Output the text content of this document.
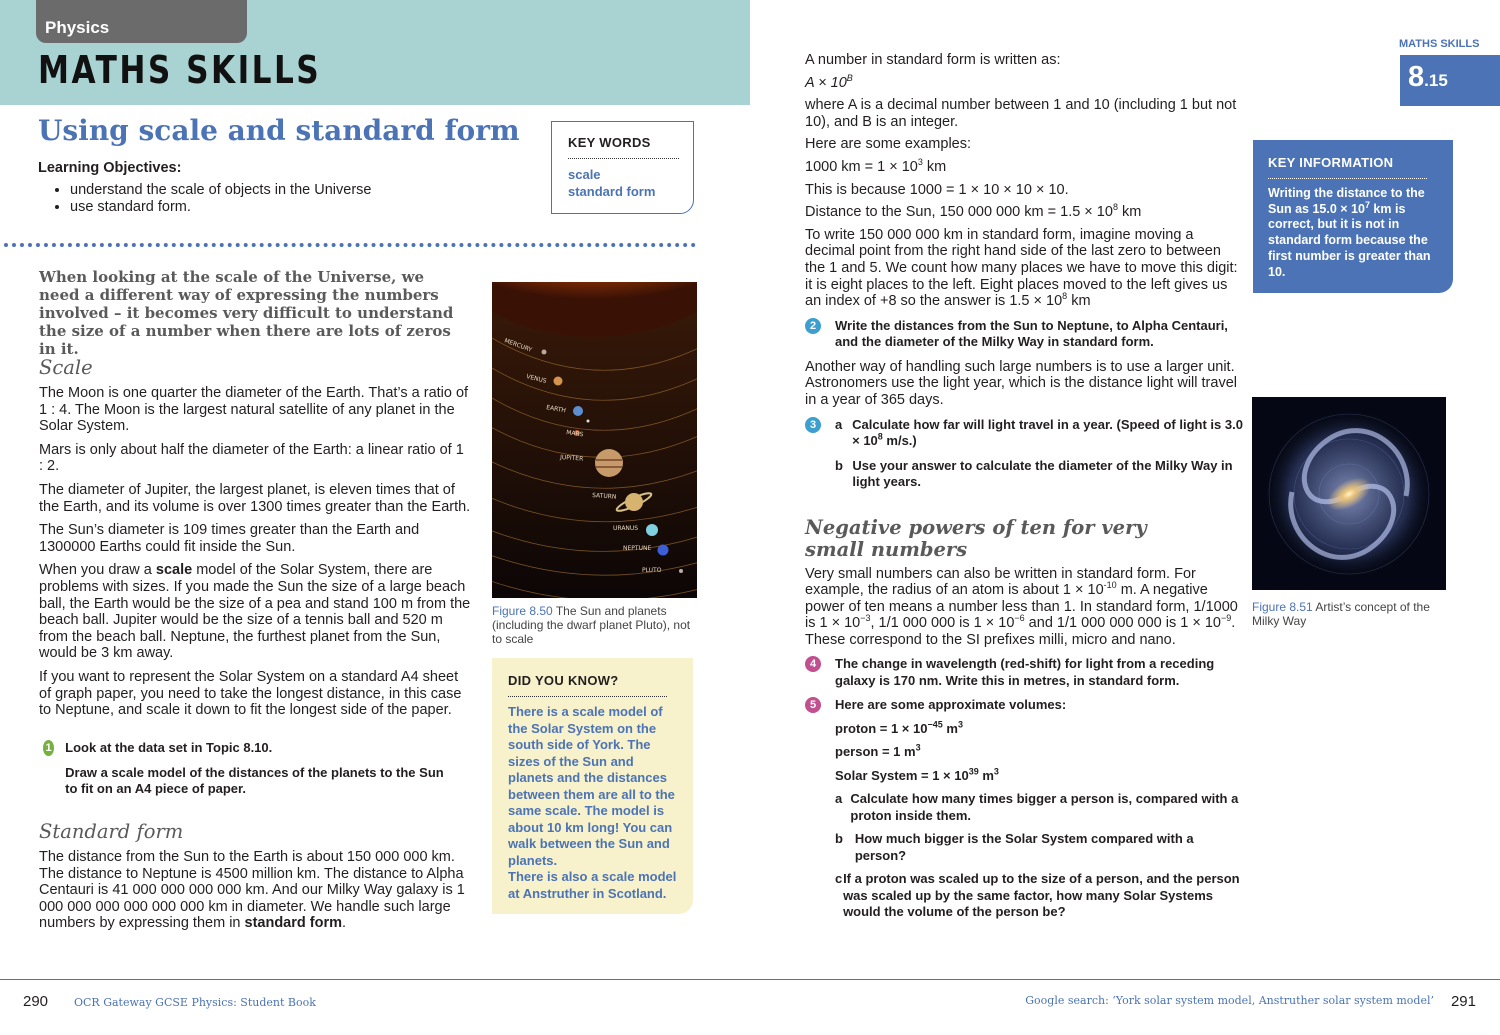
Physics
MATHS SKILLS
Using scale and standard form
Learning Objectives:
• understand the scale of objects in the Universe
• use standard form.
KEY WORDS
scale
standard form
When looking at the scale of the Universe, we need a different way of expressing the numbers involved – it becomes very difficult to understand the size of a number when there are lots of zeros in it.
Scale

The Moon is one quarter the diameter of the Earth. That’s a ratio of 1 : 4. The Moon is the largest natural satellite of any planet in the Solar System.

Mars is only about half the diameter of the Earth: a linear ratio of 1 : 2.

The diameter of Jupiter, the largest planet, is eleven times that of the Earth, and its volume is over 1300 times greater than the Earth.

The Sun’s diameter is 109 times greater than the Earth and 1300000 Earths could fit inside the Sun.

When you draw a scale model of the Solar System, there are problems with sizes. If you made the Sun the size of a large beach ball, the Earth would be the size of a pea and stand 100 m from the beach ball. Jupiter would be the size of a tennis ball and 520 m from the beach ball. Neptune, the furthest planet from the Sun, would be 3 km away.

If you want to represent the Solar System on a standard A4 sheet of graph paper, you need to take the longest distance, in this case to Neptune, and scale it down to fit the longest side of the paper.

1 Look at the data set in Topic 8.10.
Draw a scale model of the distances of the planets to the Sun to fit on an A4 piece of paper.
Standard form

The distance from the Sun to the Earth is about 150 000 000 km. The distance to Neptune is 4500 million km. The distance to Alpha Centauri is 41 000 000 000 000 km. And our Milky Way galaxy is 1 000 000 000 000 000 000 km in diameter. We handle such large numbers by expressing them in standard form.

MERCURY
VENUS
EARTH
MARS
JUPITER
SATURN
URANUS
NEPTUNE
PLUTO
Figure 8.50 The Sun and planets (including the dwarf planet Pluto), not to scale
DID YOU KNOW?
There is a scale model of the Solar System on the south side of York. The sizes of the Sun and planets and the distances between them are all to the same scale. The model is about 10 km long! You can walk between the Sun and planets.
There is also a scale model at Anstruther in Scotland.
MATHS SKILLS
8.15

A number in standard form is written as:

$A \times 10^B$

where A is a decimal number between 1 and 10 (including 1 but not 10), and B is an integer.

Here are some examples:

1000 km = $1 \times 10^3$ km

This is because 1000 = 1 × 10 × 10 × 10.

Distance to the Sun, 150 000 000 km = $1.5 \times 10^8$ km

To write 150 000 000 km in standard form, imagine moving a decimal point from the right hand side of the last zero to between the 1 and 5. We count how many places we have to move this digit: it is eight places to the left. Eight places moved to the left gives us an index of +8 so the answer is $1.5 \times 10^8$ km

2	Write the distances from the Sun to Neptune, to Alpha Centauri, and the diameter of the Milky Way in standard form.

Another way of handling such large numbers is to use a larger unit. Astronomers use the light year, which is the distance light will travel in a year of 365 days.

3	a Calculate how far will light travel in a year. (Speed of light is $3.0 \times 10^8$ m/s.)
b Use your answer to calculate the diameter of the Milky Way in light years.
Negative powers of ten for very small numbers

Very small numbers can also be written in standard form. For example, the radius of an atom is about $1 \times 10^{-10}$ m. A negative power of ten means a number less than 1. In standard form, 1/1000 is $1 \times 10^{-3}$, 1/1 000 000 is $1 \times 10^{-6}$ and 1/1 000 000 000 is $1 \times 10^{-9}$. These correspond to the SI prefixes milli, micro and nano.

4	The change in wavelength (red-shift) for light from a receding galaxy is 170 nm. Write this in metres, in standard form.
5	Here are some approximate volumes:
proton = $1 \times 10^{-45}$ $m^3$
person = 1 $m^3$
Solar System = $1 \times 10^{39}$ $m^3$
a Calculate how many times bigger a person is, compared with a proton inside them.
b How much bigger is the Solar System compared with a person?
c If a proton was scaled up to the size of a person, and the person was scaled up by the same factor, how many Solar Systems would the volume of the person be?
KEY INFORMATION
Writing the distance to the Sun as $15.0 \times 10^7$ km is correct, but it is not in standard form because the first number is greater than 10.
Figure 8.51 Artist’s concept of the Milky Way
290 OCR Gateway GCSE Physics: Student Book	Google search: ‘York solar system model, Anstruther solar system model’ 291
